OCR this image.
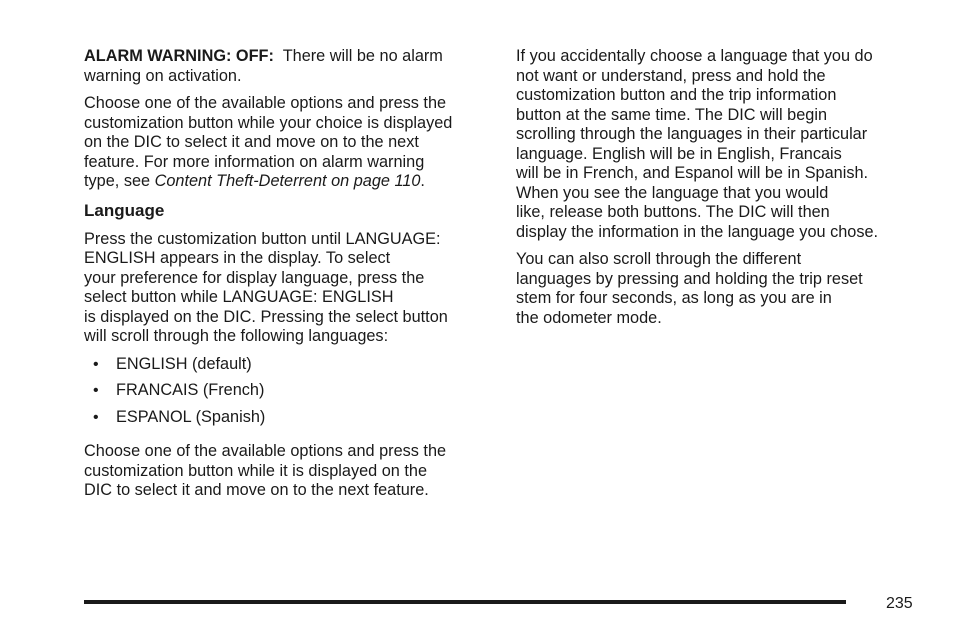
ALARM WARNING: OFF: There will be no alarm
warning on activation.

Choose one of the available options and press the
customization button while your choice is displayed
on the DIC to select it and move on to the next
feature. For more information on alarm warning
type, see Content Theft-Deterrent on page 110.

Language

Press the customization button until LANGUAGE:
ENGLISH appears in the display. To select
your preference for display language, press the
select button while LANGUAGE: ENGLISH
is displayed on the DIC. Pressing the select button
will scroll through the following languages:

• ENGLISH (default)
• FRANCAIS (French)
• ESPANOL (Spanish)

Choose one of the available options and press the
customization button while it is displayed on the
DIC to select it and move on to the next feature.

If you accidentally choose a language that you do
not want or understand, press and hold the
customization button and the trip information
button at the same time. The DIC will begin
scrolling through the languages in their particular
language. English will be in English, Francais
will be in French, and Espanol will be in Spanish.
When you see the language that you would
like, release both buttons. The DIC will then
display the information in the language you chose.

You can also scroll through the different
languages by pressing and holding the trip reset
stem for four seconds, as long as you are in
the odometer mode.

235
